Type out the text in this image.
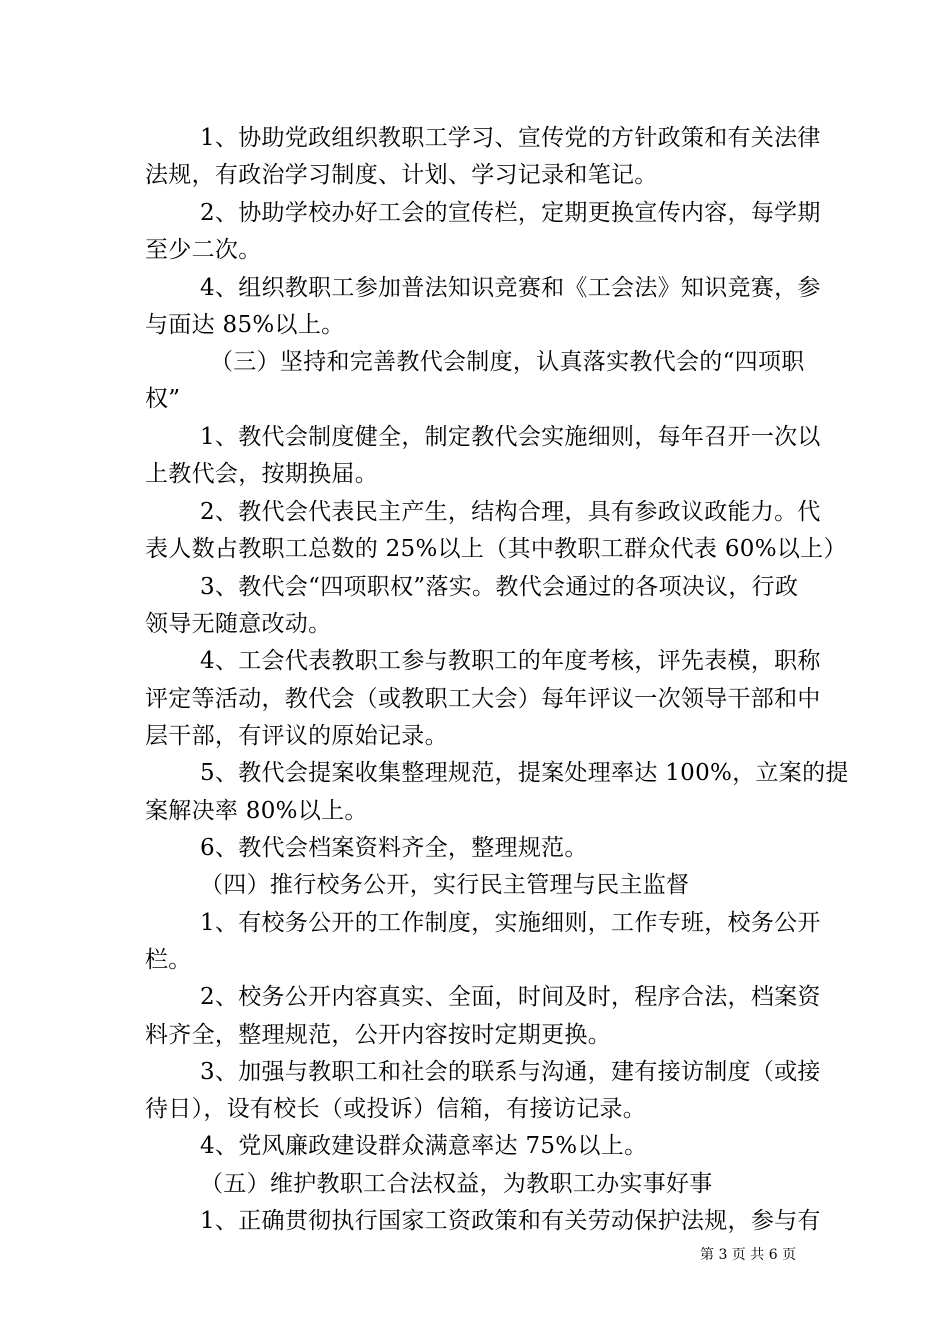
1、协助党政组织教职工学习、宣传党的方针政策和有关法律
法规，有政治学习制度、计划、学习记录和笔记。
2、协助学校办好工会的宣传栏，定期更换宣传内容，每学期
至少二次。
4、组织教职工参加普法知识竞赛和《工会法》知识竞赛，参
与面达 85%以上。
（三）坚持和完善教代会制度，认真落实教代会的“四项职
权”
1、教代会制度健全，制定教代会实施细则，每年召开一次以
上教代会，按期换届。
2、教代会代表民主产生，结构合理，具有参政议政能力。代
表人数占教职工总数的 25%以上（其中教职工群众代表 60%以上）
3、教代会“四项职权”落实。教代会通过的各项决议，行政
领导无随意改动。
4、工会代表教职工参与教职工的年度考核，评先表模，职称
评定等活动，教代会（或教职工大会）每年评议一次领导干部和中
层干部，有评议的原始记录。
5、教代会提案收集整理规范，提案处理率达 100%，立案的提
案解决率 80%以上。
6、教代会档案资料齐全，整理规范。
（四）推行校务公开，实行民主管理与民主监督
1、有校务公开的工作制度，实施细则，工作专班，校务公开
栏。
2、校务公开内容真实、全面，时间及时，程序合法，档案资
料齐全，整理规范，公开内容按时定期更换。
3、加强与教职工和社会的联系与沟通，建有接访制度（或接
待日），设有校长（或投诉）信箱，有接访记录。
4、党风廉政建设群众满意率达 75%以上。
（五）维护教职工合法权益，为教职工办实事好事
1、正确贯彻执行国家工资政策和有关劳动保护法规，参与有
第 3 页 共 6 页
